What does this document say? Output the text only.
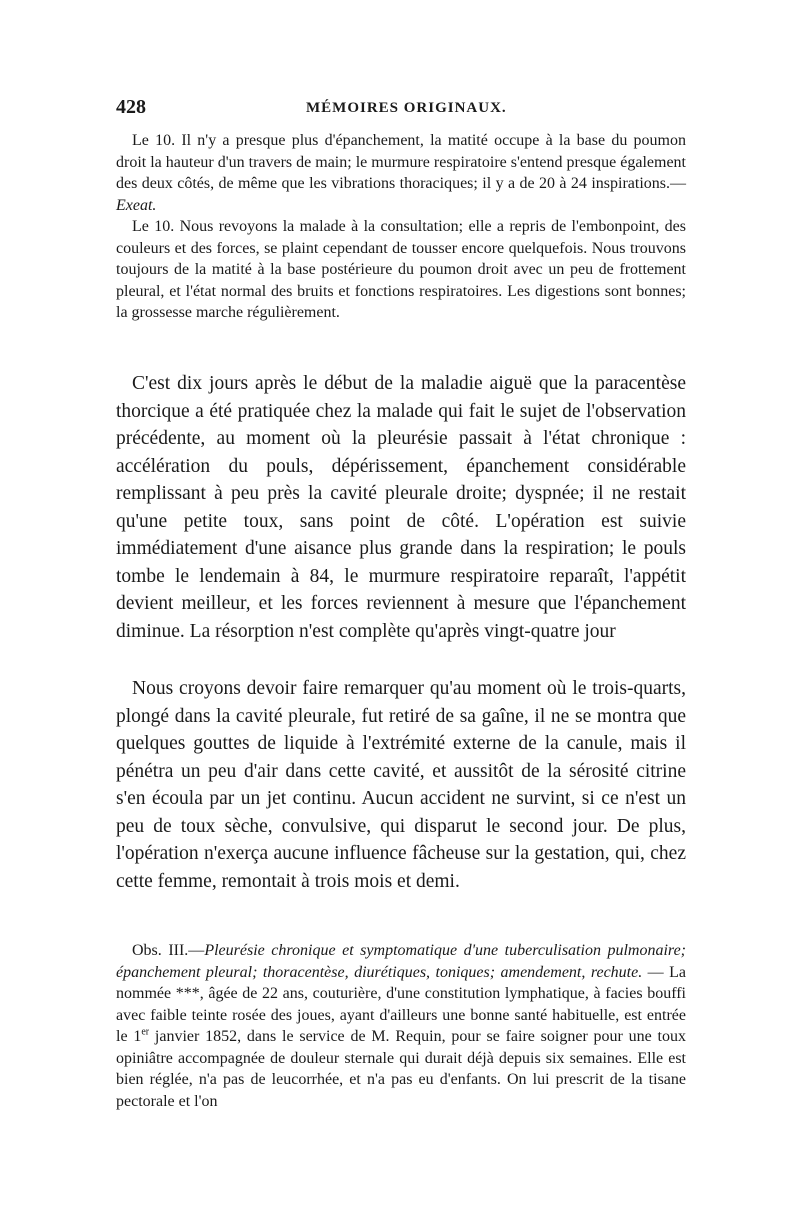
428	MÉMOIRES ORIGINAUX.

Le 10. Il n'y a presque plus d'épanchement, la matité occupe à la base du poumon droit la hauteur d'un travers de main; le murmure respiratoire s'entend presque également des deux côtés, de même que les vibrations thoraciques; il y a de 20 à 24 inspirations.—Exeat.

Le 10. Nous revoyons la malade à la consultation; elle a repris de l'embonpoint, des couleurs et des forces, se plaint cependant de tousser encore quelquefois. Nous trouvons toujours de la matité à la base postérieure du poumon droit avec un peu de frottement pleural, et l'état normal des bruits et fonctions respiratoires. Les digestions sont bonnes; la grossesse marche régulièrement.

C'est dix jours après le début de la maladie aiguë que la paracentèse thorcique a été pratiquée chez la malade qui fait le sujet de l'observation précédente, au moment où la pleurésie passait à l'état chronique : accélération du pouls, dépérissement, épanchement considérable remplissant à peu près la cavité pleurale droite; dyspnée; il ne restait qu'une petite toux, sans point de côté. L'opération est suivie immédiatement d'une aisance plus grande dans la respiration; le pouls tombe le lendemain à 84, le murmure respiratoire reparaît, l'appétit devient meilleur, et les forces reviennent à mesure que l'épanchement diminue. La résorption n'est complète qu'après vingt-quatre jour

Nous croyons devoir faire remarquer qu'au moment où le trois-quarts, plongé dans la cavité pleurale, fut retiré de sa gaîne, il ne se montra que quelques gouttes de liquide à l'extrémité externe de la canule, mais il pénétra un peu d'air dans cette cavité, et aussitôt de la sérosité citrine s'en écoula par un jet continu. Aucun accident ne survint, si ce n'est un peu de toux sèche, convulsive, qui disparut le second jour. De plus, l'opération n'exerça aucune influence fâcheuse sur la gestation, qui, chez cette femme, remontait à trois mois et demi.

Obs. III.—Pleurésie chronique et symptomatique d'une tuberculisation pulmonaire; épanchement pleural; thoracentèse, diurétiques, toniques; amendement, rechute. — La nommée ***, âgée de 22 ans, couturière, d'une constitution lymphatique, à facies bouffi avec faible teinte rosée des joues, ayant d'ailleurs une bonne santé habituelle, est entrée le 1er janvier 1852, dans le service de M. Requin, pour se faire soigner pour une toux opiniâtre accompagnée de douleur sternale qui durait déjà depuis six semaines. Elle est bien réglée, n'a pas de leucorrhée, et n'a pas eu d'enfants. On lui prescrit de la tisane pectorale et l'on
